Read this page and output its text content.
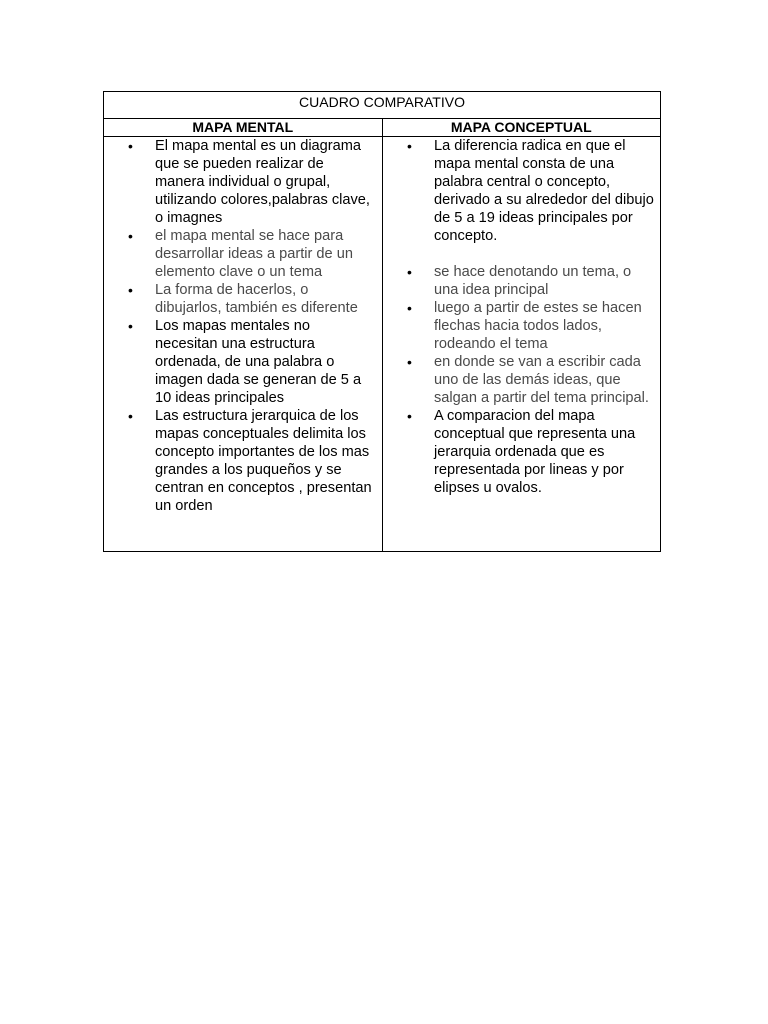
CUADRO COMPARATIVO
MAPA MENTAL	MAPA CONCEPTUAL
• El mapa mental es un diagrama que se pueden realizar de manera individual o grupal, utilizando colores,palabras clave, o imagnes
• el mapa mental se hace para desarrollar ideas a partir de un elemento clave o un tema
• La forma de hacerlos, o dibujarlos, también es diferente
• Los mapas mentales no necesitan una estructura ordenada, de una palabra o imagen dada se generan de 5 a 10 ideas principales
• Las estructura jerarquica de los mapas conceptuales delimita los concepto importantes de los mas grandes a los puqueños y se centran en conceptos , presentan un orden
• La diferencia radica en que el mapa mental consta de una palabra central o concepto, derivado a su alrededor del dibujo de 5 a 19 ideas principales por concepto.
• se hace denotando un tema, o una idea principal
• luego a partir de estes se hacen flechas hacia todos lados, rodeando el tema
• en donde se van a escribir cada uno de las demás ideas, que salgan a partir del tema principal.
• A comparacion del mapa conceptual que representa una jerarquia ordenada que es representada por lineas y por elipses u ovalos.
